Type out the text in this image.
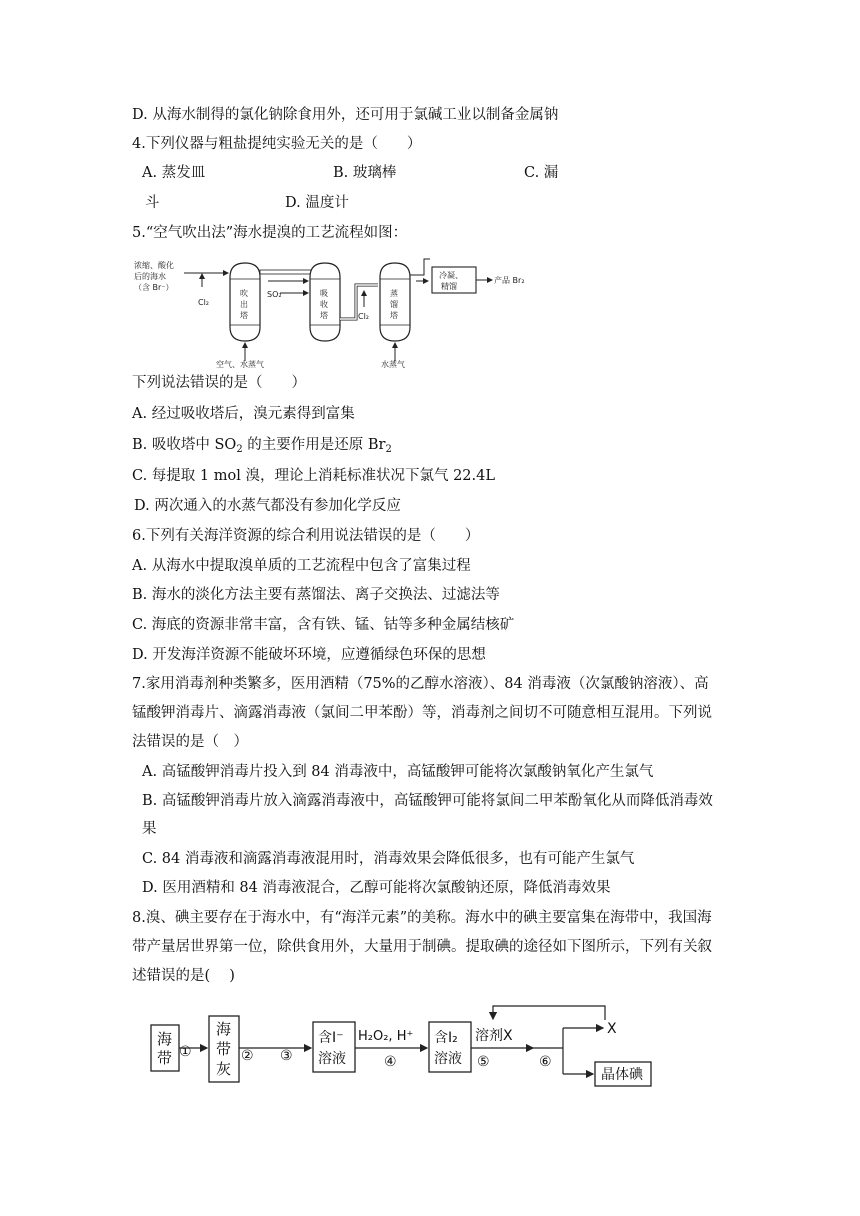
D. 从海水制得的氯化钠除食用外，还可用于氯碱工业以制备金属钠
4.下列仪器与粗盐提纯实验无关的是（　　）
A. 蒸发皿	B. 玻璃棒	C. 漏
斗	D. 温度计
5.“空气吹出法”海水提溴的工艺流程如图：
浓缩、酸化
后的海水
（含 Br⁻）
Cl₂
吹
出
塔
空气、水蒸气
SO₂	吸
收
塔	Cl₂
蒸
馏
塔
水蒸气
冷凝、
精馏
产品 Br₂
下列说法错误的是（　　）
A. 经过吸收塔后，溴元素得到富集
B. 吸收塔中 $SO_2$ 的主要作用是还原 $Br_2$
C. 每提取 1 mol 溴，理论上消耗标准状况下氯气 22.4L
D. 两次通入的水蒸气都没有参加化学反应
6.下列有关海洋资源的综合利用说法错误的是（　　）
A. 从海水中提取溴单质的工艺流程中包含了富集过程
B. 海水的淡化方法主要有蒸馏法、离子交换法、过滤法等
C. 海底的资源非常丰富，含有铁、锰、钴等多种金属结核矿
D. 开发海洋资源不能破坏环境，应遵循绿色环保的思想
7.家用消毒剂种类繁多，医用酒精（75%的乙醇水溶液）、84 消毒液（次氯酸钠溶液）、高
锰酸钾消毒片、滴露消毒液（氯间二甲苯酚）等，消毒剂之间切不可随意相互混用。下列说
法错误的是（　）
A. 高锰酸钾消毒片投入到 84 消毒液中，高锰酸钾可能将次氯酸钠氧化产生氯气
B. 高锰酸钾消毒片放入滴露消毒液中，高锰酸钾可能将氯间二甲苯酚氧化从而降低消毒效
果
C. 84 消毒液和滴露消毒液混用时，消毒效果会降低很多，也有可能产生氯气
D. 医用酒精和 84 消毒液混合，乙醇可能将次氯酸钠还原，降低消毒效果
8.溴、碘主要存在于海水中，有“海洋元素”的美称。海水中的碘主要富集在海带中，我国海
带产量居世界第一位，除供食用外，大量用于制碘。提取碘的途径如下图所示，下列有关叙
述错误的是(　 )
海
带 ①
海
带
灰
② ③
含I⁻
溶液
H₂O₂, H⁺
④
含I₂
溶液
溶剂X
⑤	⑥
X
晶体碘
